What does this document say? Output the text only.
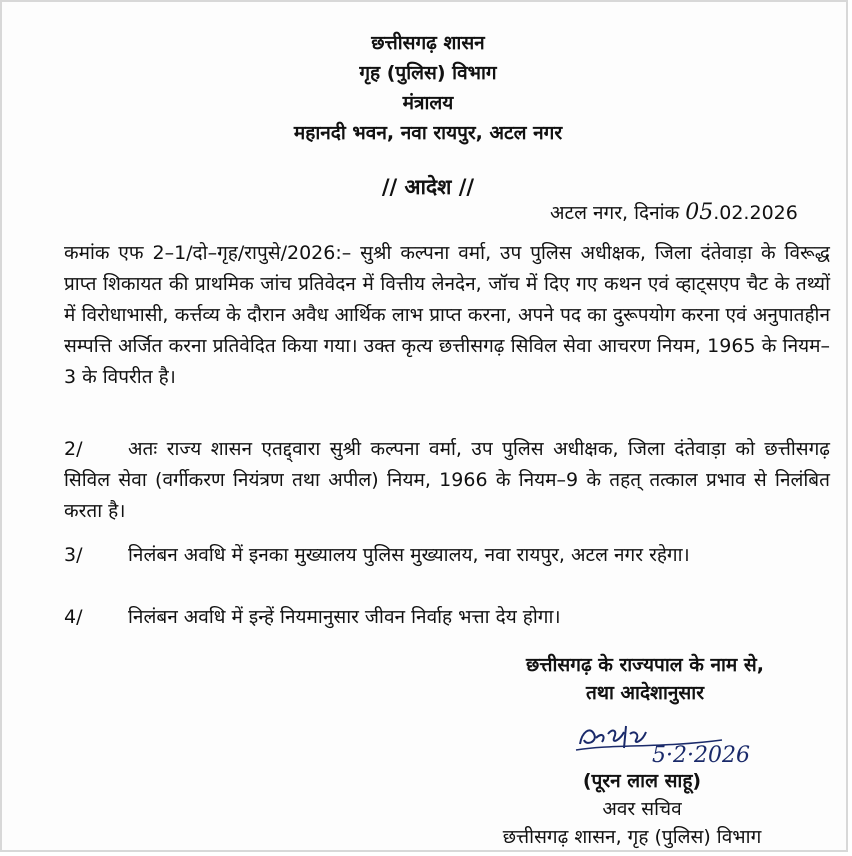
छत्तीसगढ़ शासन
गृह (पुलिस) विभाग
मंत्रालय
महानदी भवन, नवा रायपुर, अटल नगर
// आदेश //
अटल नगर, दिनांक 05.02.2026
कमांक एफ 2–1/दो–गृह/रापुसे/2026:– सुश्री कल्पना वर्मा, उप पुलिस अधीक्षक, जिला दंतेवाड़ा के विरूद्ध प्राप्त शिकायत की प्राथमिक जांच प्रतिवेदन में वित्तीय लेनदेन, जॉच में दिए गए कथन एवं व्हाट्सएप चैट के तथ्यों में विरोधाभासी, कर्त्तव्य के दौरान अवैध आर्थिक लाभ प्राप्त करना, अपने पद का दुरूपयोग करना एवं अनुपातहीन सम्पत्ति अर्जित करना प्रतिवेदित किया गया। उक्त कृत्य छत्तीसगढ़ सिविल सेवा आचरण नियम, 1965 के नियम–3 के विपरीत है।
2/ अतः राज्य शासन एतद्द्वारा सुश्री कल्पना वर्मा, उप पुलिस अधीक्षक, जिला दंतेवाड़ा को छत्तीसगढ़ सिविल सेवा (वर्गीकरण नियंत्रण तथा अपील) नियम, 1966 के नियम–9 के तहत् तत्काल प्रभाव से निलंबित करता है।
3/ निलंबन अवधि में इनका मुख्यालय पुलिस मुख्यालय, नवा रायपुर, अटल नगर रहेगा।
4/ निलंबन अवधि में इन्हें नियमानुसार जीवन निर्वाह भत्ता देय होगा।
छत्तीसगढ़ के राज्यपाल के नाम से,
तथा आदेशानुसार
5·2·2026
(पूरन लाल साहू)
अवर सचिव
छत्तीसगढ़ शासन, गृह (पुलिस) विभाग
